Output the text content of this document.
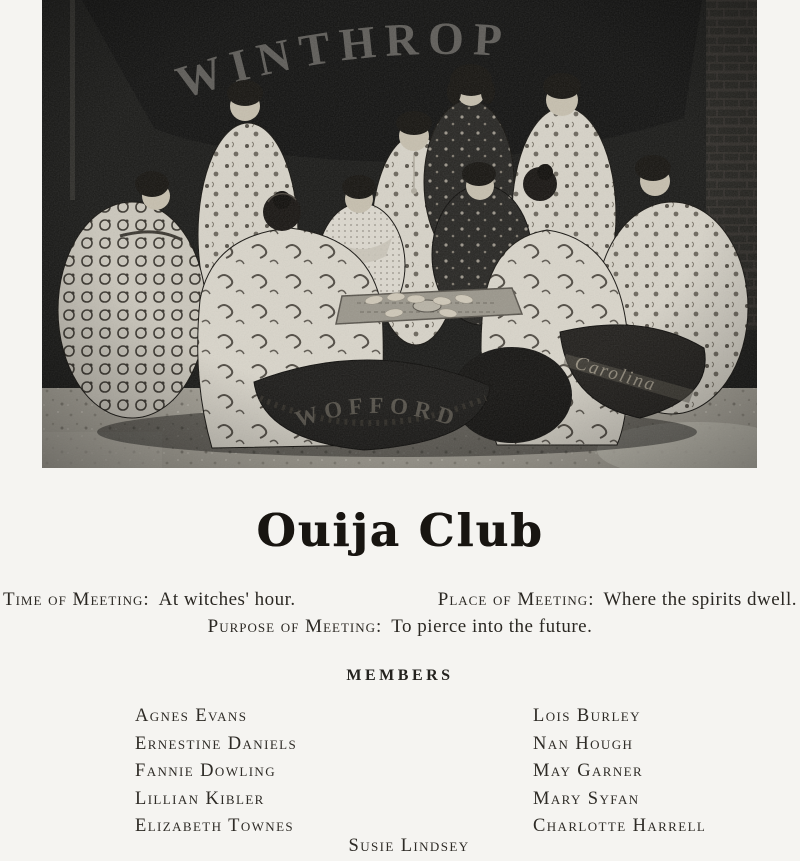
Ouija Club
Time of Meeting: At witches' hour.	Place of Meeting: Where the spirits dwell.
Purpose of Meeting: To pierce into the future.
MEMBERS
Agnes Evans
Ernestine Daniels
Fannie Dowling
Lillian Kibler
Elizabeth Townes
Lois Burley
Nan Hough
May Garner
Mary Syfan
Charlotte Harrell
Susie Lindsey
